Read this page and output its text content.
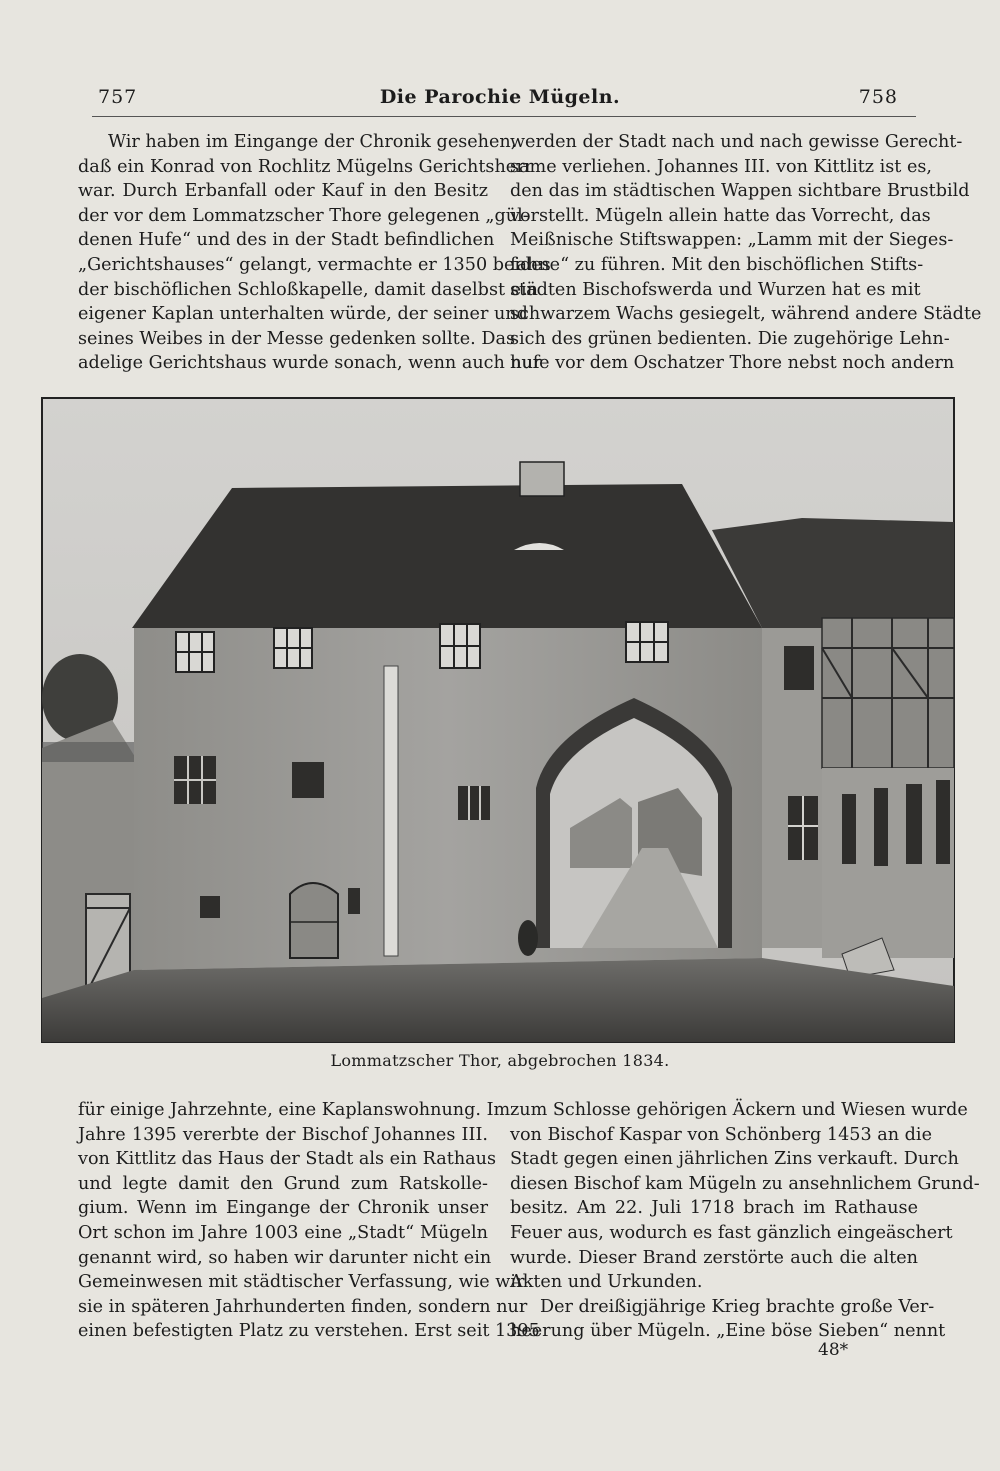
757	Die Parochie Mügeln.	758
Wir haben im Eingange der Chronik gesehen,
daß ein Konrad von Rochlitz Mügelns Gerichtsherr
war. Durch Erbanfall oder Kauf in den Besitz
der vor dem Lommatzscher Thore gelegenen „gül-
denen Hufe“ und des in der Stadt befindlichen
„Gerichtshauses“ gelangt, vermachte er 1350 beides
der bischöflichen Schloßkapelle, damit daselbst ein
eigener Kaplan unterhalten würde, der seiner und
seines Weibes in der Messe gedenken sollte. Das
adelige Gerichtshaus wurde sonach, wenn auch nur
werden der Stadt nach und nach gewisse Gerecht-
same verliehen. Johannes III. von Kittlitz ist es,
den das im städtischen Wappen sichtbare Brustbild
vorstellt. Mügeln allein hatte das Vorrecht, das
Meißnische Stiftswappen: „Lamm mit der Sieges-
fahne“ zu führen. Mit den bischöflichen Stifts-
städten Bischofswerda und Wurzen hat es mit
schwarzem Wachs gesiegelt, während andere Städte
sich des grünen bedienten. Die zugehörige Lehn-
hufe vor dem Oschatzer Thore nebst noch andern
Lommatzscher Thor, abgebrochen 1834.
für einige Jahrzehnte, eine Kaplanswohnung. Im
Jahre 1395 vererbte der Bischof Johannes III.
von Kittlitz das Haus der Stadt als ein Rathaus
und legte damit den Grund zum Ratskolle-
gium. Wenn im Eingange der Chronik unser
Ort schon im Jahre 1003 eine „Stadt“ Mügeln
genannt wird, so haben wir darunter nicht ein
Gemeinwesen mit städtischer Verfassung, wie wir
sie in späteren Jahrhunderten finden, sondern nur
einen befestigten Platz zu verstehen. Erst seit 1395
zum Schlosse gehörigen Äckern und Wiesen wurde
von Bischof Kaspar von Schönberg 1453 an die
Stadt gegen einen jährlichen Zins verkauft. Durch
diesen Bischof kam Mügeln zu ansehnlichem Grund-
besitz. Am 22. Juli 1718 brach im Rathause
Feuer aus, wodurch es fast gänzlich eingeäschert
wurde. Dieser Brand zerstörte auch die alten
Akten und Urkunden.
Der dreißigjährige Krieg brachte große Ver-
heerung über Mügeln. „Eine böse Sieben“ nennt
48*
